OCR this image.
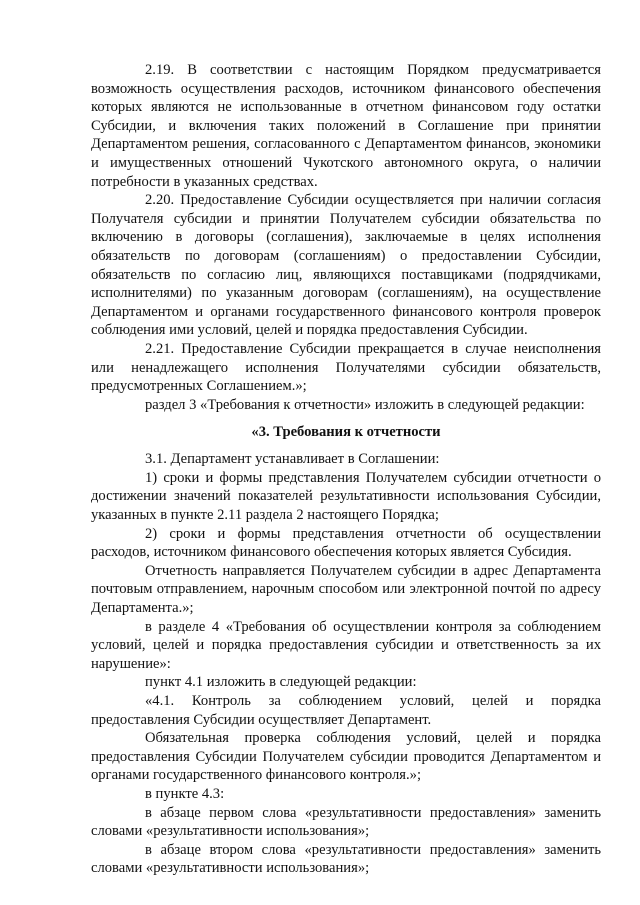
2.19. В соответствии с настоящим Порядком предусматривается возможность осуществления расходов, источником финансового обеспечения которых являются не использованные в отчетном финансовом году остатки Субсидии, и включения таких положений в Соглашение при принятии Департаментом решения, согласованного с Департаментом финансов, экономики и имущественных отношений Чукотского автономного округа, о наличии потребности в указанных средствах.

2.20. Предоставление Субсидии осуществляется при наличии согласия Получателя субсидии и принятии Получателем субсидии обязательства по включению в договоры (соглашения), заключаемые в целях исполнения обязательств по договорам (соглашениям) о предоставлении Субсидии, обязательств по согласию лиц, являющихся поставщиками (подрядчиками, исполнителями) по указанным договорам (соглашениям), на осуществление Департаментом и органами государственного финансового контроля проверок соблюдения ими условий, целей и порядка предоставления Субсидии.

2.21. Предоставление Субсидии прекращается в случае неисполнения или ненадлежащего исполнения Получателями субсидии обязательств, предусмотренных Соглашением.»;

раздел 3 «Требования к отчетности» изложить в следующей редакции:

«3. Требования к отчетности

3.1. Департамент устанавливает в Соглашении:

1) сроки и формы представления Получателем субсидии отчетности о достижении значений показателей результативности использования Субсидии, указанных в пункте 2.11 раздела 2 настоящего Порядка;

2) сроки и формы представления отчетности об осуществлении расходов, источником финансового обеспечения которых является Субсидия.

Отчетность направляется Получателем субсидии в адрес Департамента почтовым отправлением, нарочным способом или электронной почтой по адресу Департамента.»;

в разделе 4 «Требования об осуществлении контроля за соблюдением условий, целей и порядка предоставления субсидии и ответственность за их нарушение»:

пункт 4.1 изложить в следующей редакции:

«4.1. Контроль за соблюдением условий, целей и порядка предоставления Субсидии осуществляет Департамент.

Обязательная проверка соблюдения условий, целей и порядка предоставления Субсидии Получателем субсидии проводится Департаментом и органами государственного финансового контроля.»;

в пункте 4.3:

в абзаце первом слова «результативности предоставления» заменить словами «результативности использования»;

в абзаце втором слова «результативности предоставления» заменить словами «результативности использования»;
